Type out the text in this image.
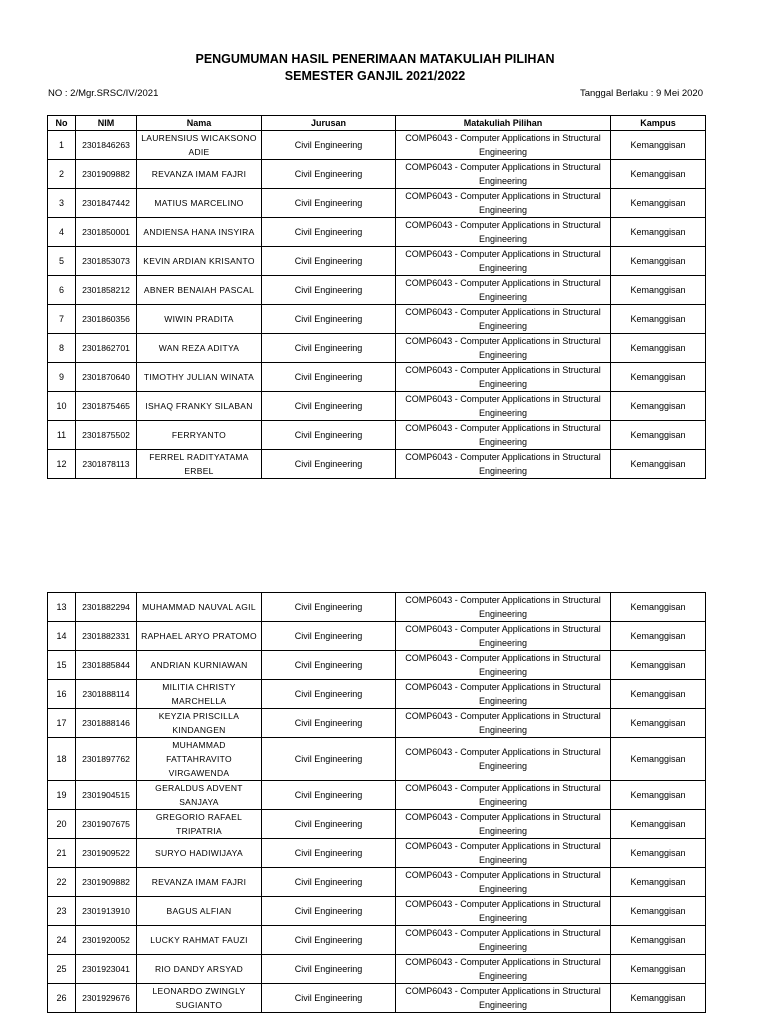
PENGUMUMAN HASIL PENERIMAAN MATAKULIAH PILIHAN
SEMESTER GANJIL 2021/2022
NO : 2/Mgr.SRSC/IV/2021	Tanggal Berlaku : 9 Mei 2020
No	NIM	Nama	Jurusan	Matakuliah Pilihan	Kampus
1	2301846263	LAURENSIUS WICAKSONO ADIE	Civil Engineering	COMP6043 - Computer Applications in Structural Engineering	Kemanggisan
2	2301909882	REVANZA IMAM FAJRI	Civil Engineering	COMP6043 - Computer Applications in Structural Engineering	Kemanggisan
3	2301847442	MATIUS MARCELINO	Civil Engineering	COMP6043 - Computer Applications in Structural Engineering	Kemanggisan
4	2301850001	ANDIENSA HANA INSYIRA	Civil Engineering	COMP6043 - Computer Applications in Structural Engineering	Kemanggisan
5	2301853073	KEVIN ARDIAN KRISANTO	Civil Engineering	COMP6043 - Computer Applications in Structural Engineering	Kemanggisan
6	2301858212	ABNER BENAIAH PASCAL	Civil Engineering	COMP6043 - Computer Applications in Structural Engineering	Kemanggisan
7	2301860356	WIWIN PRADITA	Civil Engineering	COMP6043 - Computer Applications in Structural Engineering	Kemanggisan
8	2301862701	WAN REZA ADITYA	Civil Engineering	COMP6043 - Computer Applications in Structural Engineering	Kemanggisan
9	2301870640	TIMOTHY JULIAN WINATA	Civil Engineering	COMP6043 - Computer Applications in Structural Engineering	Kemanggisan
10	2301875465	ISHAQ FRANKY SILABAN	Civil Engineering	COMP6043 - Computer Applications in Structural Engineering	Kemanggisan
11	2301875502	FERRYANTO	Civil Engineering	COMP6043 - Computer Applications in Structural Engineering	Kemanggisan
12	2301878113	FERREL RADITYATAMA ERBEL	Civil Engineering	COMP6043 - Computer Applications in Structural Engineering	Kemanggisan
13	2301882294	MUHAMMAD NAUVAL AGIL	Civil Engineering	COMP6043 - Computer Applications in Structural Engineering	Kemanggisan
14	2301882331	RAPHAEL ARYO PRATOMO	Civil Engineering	COMP6043 - Computer Applications in Structural Engineering	Kemanggisan
15	2301885844	ANDRIAN KURNIAWAN	Civil Engineering	COMP6043 - Computer Applications in Structural Engineering	Kemanggisan
16	2301888114	MILITIA CHRISTY MARCHELLA	Civil Engineering	COMP6043 - Computer Applications in Structural Engineering	Kemanggisan
17	2301888146	KEYZIA PRISCILLA KINDANGEN	Civil Engineering	COMP6043 - Computer Applications in Structural Engineering	Kemanggisan
18	2301897762	MUHAMMAD FATTAHRAVITO VIRGAWENDA	Civil Engineering	COMP6043 - Computer Applications in Structural Engineering	Kemanggisan
19	2301904515	GERALDUS ADVENT SANJAYA	Civil Engineering	COMP6043 - Computer Applications in Structural Engineering	Kemanggisan
20	2301907675	GREGORIO RAFAEL TRIPATRIA	Civil Engineering	COMP6043 - Computer Applications in Structural Engineering	Kemanggisan
21	2301909522	SURYO HADIWIJAYA	Civil Engineering	COMP6043 - Computer Applications in Structural Engineering	Kemanggisan
22	2301909882	REVANZA IMAM FAJRI	Civil Engineering	COMP6043 - Computer Applications in Structural Engineering	Kemanggisan
23	2301913910	BAGUS ALFIAN	Civil Engineering	COMP6043 - Computer Applications in Structural Engineering	Kemanggisan
24	2301920052	LUCKY RAHMAT FAUZI	Civil Engineering	COMP6043 - Computer Applications in Structural Engineering	Kemanggisan
25	2301923041	RIO DANDY ARSYAD	Civil Engineering	COMP6043 - Computer Applications in Structural Engineering	Kemanggisan
26	2301929676	LEONARDO ZWINGLY SUGIANTO	Civil Engineering	COMP6043 - Computer Applications in Structural Engineering	Kemanggisan
